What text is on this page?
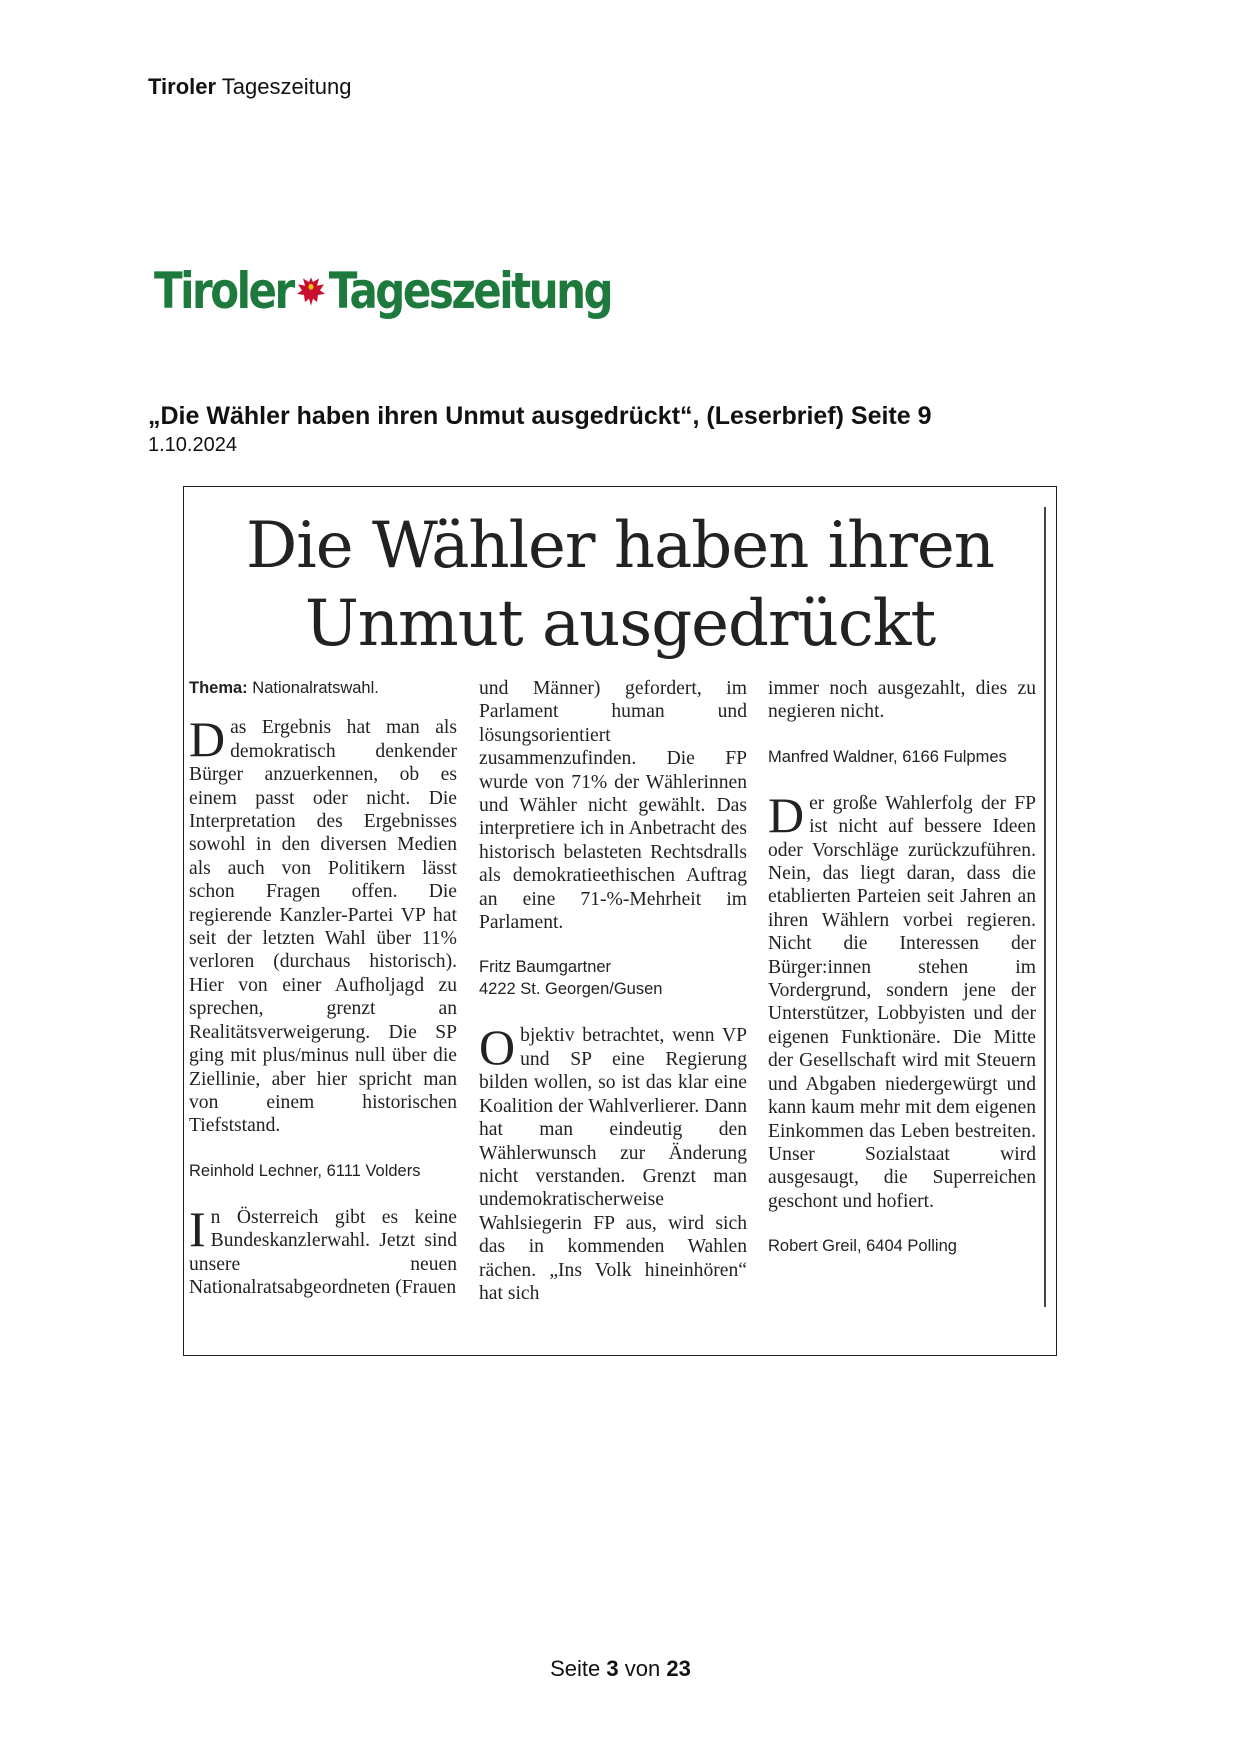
Tiroler Tageszeitung
Tiroler Tageszeitung
„Die Wähler haben ihren Unmut ausgedrückt“, (Leserbrief) Seite 9
1.10.2024
Die Wähler haben ihren
Unmut ausgedrückt

Thema: Nationalratswahl.

Das Ergebnis hat man als demokratisch denkender Bürger anzuerkennen, ob es einem passt oder nicht. Die Interpretation des Ergebnisses sowohl in den diversen Medien als auch von Politikern lässt schon Fragen offen. Die regierende Kanzler-Partei VP hat seit der letzten Wahl über 11% verloren (durchaus historisch). Hier von einer Aufholjagd zu sprechen, grenzt an Realitätsverweigerung. Die SP ging mit plus/minus null über die Ziellinie, aber hier spricht man von einem historischen Tiefststand.

Reinhold Lechner, 6111 Volders

In Österreich gibt es keine Bundeskanzlerwahl. Jetzt sind unsere neuen Nationalratsabgeordneten (Frauen

und Männer) gefordert, im Parlament human und lösungsorientiert zusammenzufinden. Die FP wurde von 71% der Wählerinnen und Wähler nicht gewählt. Das interpretiere ich in Anbetracht des historisch belasteten Rechtsdralls als demokratieethischen Auftrag an eine 71-%-Mehrheit im Parlament.

Fritz Baumgartner
4222 St. Georgen/Gusen

Objektiv betrachtet, wenn VP und SP eine Regierung bilden wollen, so ist das klar eine Koalition der Wahlverlierer. Dann hat man eindeutig den Wählerwunsch zur Änderung nicht verstanden. Grenzt man undemokratischerweise Wahlsiegerin FP aus, wird sich das in kommenden Wahlen rächen. „Ins Volk hineinhören“ hat sich

immer noch ausgezahlt, dies zu negieren nicht.

Manfred Waldner, 6166 Fulpmes

Der große Wahlerfolg der FP ist nicht auf bessere Ideen oder Vorschläge zurückzuführen. Nein, das liegt daran, dass die etablierten Parteien seit Jahren an ihren Wählern vorbei regieren. Nicht die Interessen der Bürger:innen stehen im Vordergrund, sondern jene der Unterstützer, Lobbyisten und der eigenen Funktionäre. Die Mitte der Gesellschaft wird mit Steuern und Abgaben niedergewürgt und kann kaum mehr mit dem eigenen Einkommen das Leben bestreiten. Unser Sozialstaat wird ausgesaugt, die Superreichen geschont und hofiert.

Robert Greil, 6404 Polling

Seite 3 von 23
